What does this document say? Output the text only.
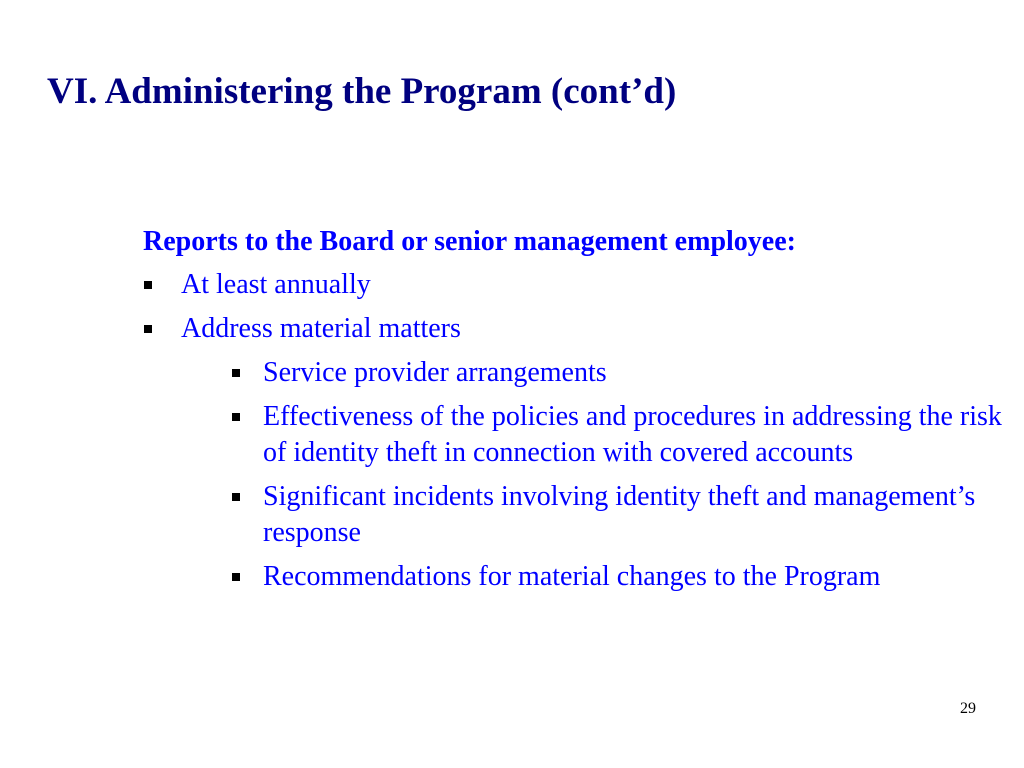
VI. Administering the Program (cont’d)
Reports to the Board or senior management employee:
At least annually
Address material matters
Service provider arrangements
Effectiveness of the policies and procedures in addressing the risk of identity theft in connection with covered accounts
Significant incidents involving identity theft and management’s response
Recommendations for material changes to the Program
29
